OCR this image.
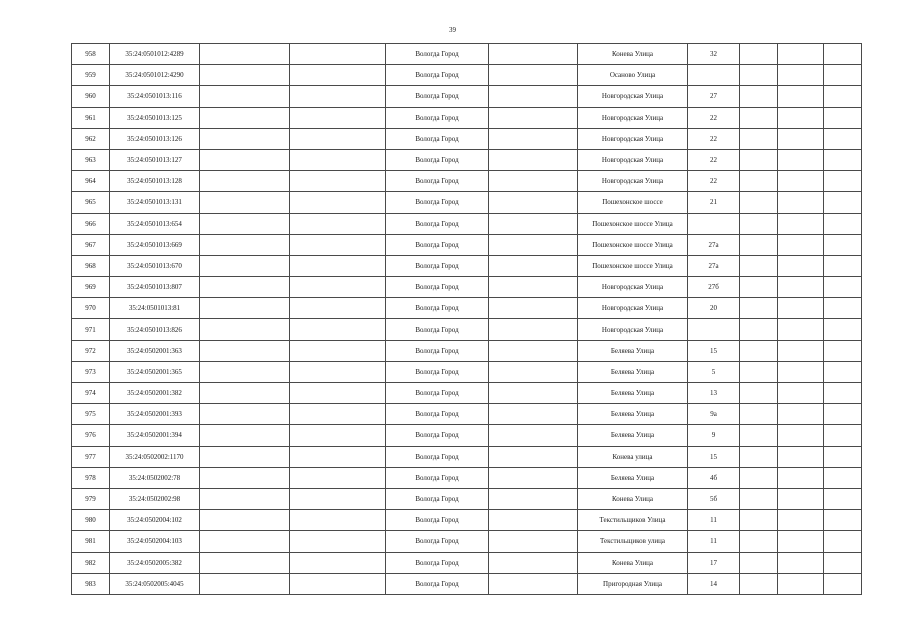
39
958	35:24:0501012:4289			Вологда Город		Конева Улица	32			
959	35:24:0501012:4290			Вологда Город		Осаново Улица				
960	35:24:0501013:116			Вологда Город		Новгородская Улица	27			
961	35:24:0501013:125			Вологда Город		Новгородская Улица	22			
962	35:24:0501013:126			Вологда Город		Новгородская Улица	22			
963	35:24:0501013:127			Вологда Город		Новгородская Улица	22			
964	35:24:0501013:128			Вологда Город		Новгородская Улица	22			
965	35:24:0501013:131			Вологда Город		Пошехонское шоссе	21			
966	35:24:0501013:654			Вологда Город		Пошехонское шоссе Улица				
967	35:24:0501013:669			Вологда Город		Пошехонское шоссе Улица	27а			
968	35:24:0501013:670			Вологда Город		Пошехонское шоссе Улица	27а			
969	35:24:0501013:807			Вологда Город		Новгородская Улица	27б			
970	35:24:0501013:81			Вологда Город		Новгородская Улица	20			
971	35:24:0501013:826			Вологда Город		Новгородская Улица				
972	35:24:0502001:363			Вологда Город		Беляева Улица	15			
973	35:24:0502001:365			Вологда Город		Беляева Улица	5			
974	35:24:0502001:382			Вологда Город		Беляева Улица	13			
975	35:24:0502001:393			Вологда Город		Беляева Улица	9а			
976	35:24:0502001:394			Вологда Город		Беляева Улица	9			
977	35:24:0502002:1170			Вологда Город		Конева улица	15			
978	35:24:0502002:78			Вологда Город		Беляева Улица	4б			
979	35:24:0502002:98			Вологда Город		Конева Улица	5б			
980	35:24:0502004:102			Вологда Город		Текстильщиков Улица	11			
981	35:24:0502004:103			Вологда Город		Текстильщиков улица	11			
982	35:24:0502005:382			Вологда Город		Конева Улица	17			
983	35:24:0502005:4045			Вологда Город		Пригородная Улица	14			
